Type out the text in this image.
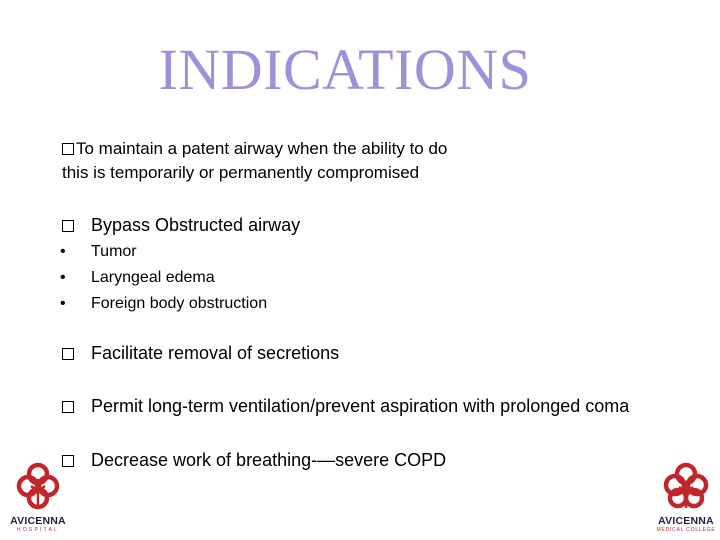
INDICATIONS
To maintain a patent airway when the ability to do
this is temporarily or permanently compromised
Bypass Obstructed airway
• Tumor
• Laryngeal edema
• Foreign body obstruction
Facilitate removal of secretions
Permit long-term ventilation/prevent aspiration with prolonged coma
Decrease work of breathing-—severe COPD
AVICENNA
HOSPITAL
AVICENNA
MEDICAL COLLEGE
